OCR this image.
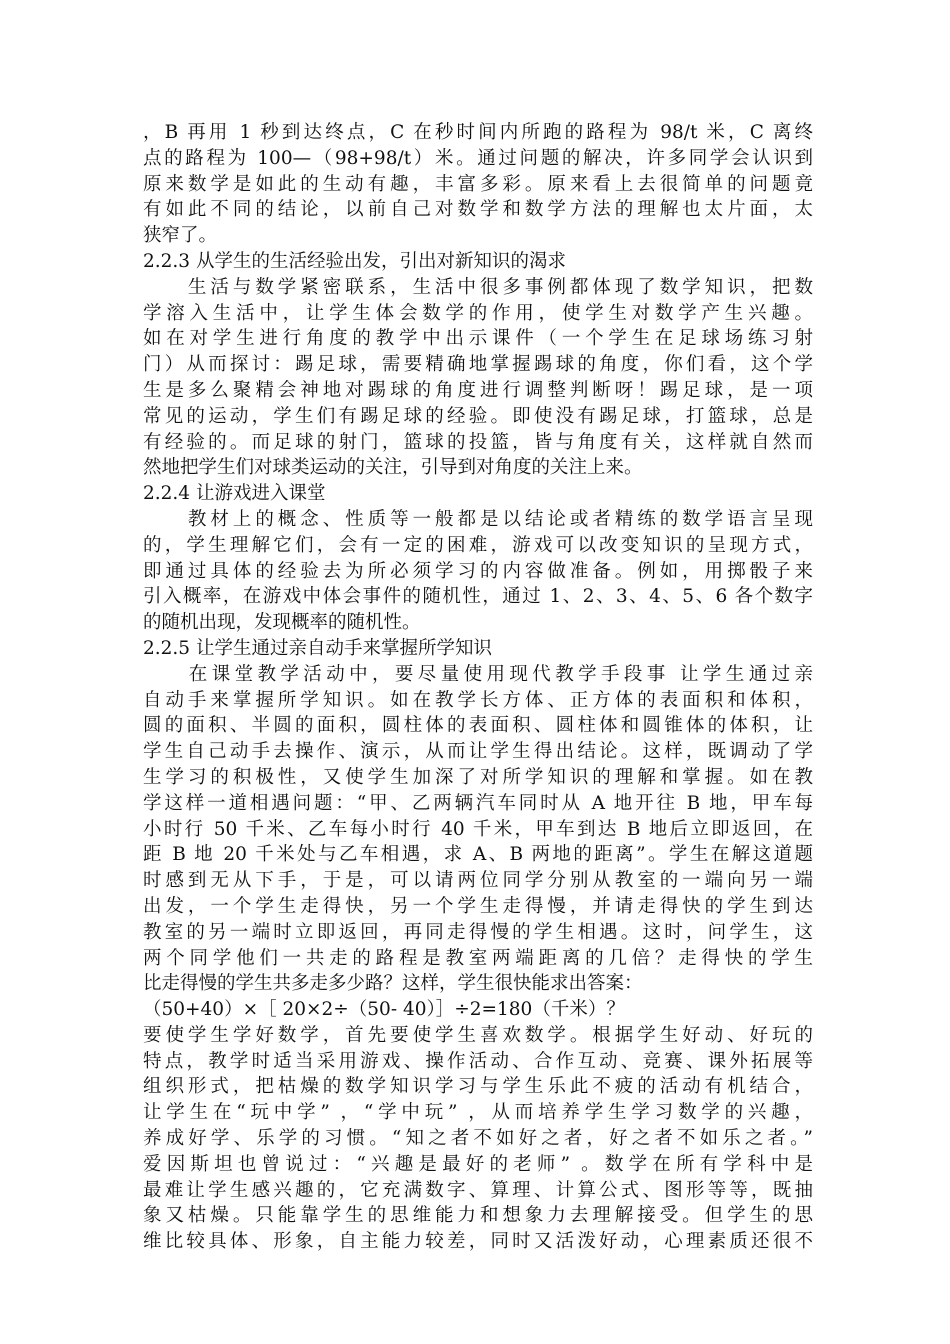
，B 再用 1 秒到达终点，C 在秒时间内所跑的路程为 98/t 米，C 离终
点的路程为 100—（98+98/t）米。通过问题的解决，许多同学会认识到
原来数学是如此的生动有趣，丰富多彩。原来看上去很简单的问题竟
有如此不同的结论，以前自己对数学和数学方法的理解也太片面，太
狭窄了。
2.2.3 从学生的生活经验出发，引出对新知识的渴求
　　生活与数学紧密联系，生活中很多事例都体现了数学知识，把数
学溶入生活中，让学生体会数学的作用，使学生对数学产生兴趣。
如在对学生进行角度的教学中出示课件（一个学生在足球场练习射
门）从而探讨：踢足球，需要精确地掌握踢球的角度，你们看，这个学
生是多么聚精会神地对踢球的角度进行调整判断呀！踢足球，是一项
常见的运动，学生们有踢足球的经验。即使没有踢足球，打篮球，总是
有经验的。而足球的射门，篮球的投篮，皆与角度有关，这样就自然而
然地把学生们对球类运动的关注，引导到对角度的关注上来。
2.2.4 让游戏进入课堂
　　教材上的概念、性质等一般都是以结论或者精练的数学语言呈现
的，学生理解它们，会有一定的困难，游戏可以改变知识的呈现方式，
即通过具体的经验去为所必须学习的内容做准备。例如，用掷骰子来
引入概率，在游戏中体会事件的随机性，通过 1、2、3、4、5、6 各个数字
的随机出现，发现概率的随机性。
2.2.5 让学生通过亲自动手来掌握所学知识
　　在课堂教学活动中，要尽量使用现代教学手段事 让学生通过亲
自动手来掌握所学知识。如在教学长方体、正方体的表面积和体积，
圆的面积、半圆的面积，圆柱体的表面积、圆柱体和圆锥体的体积，让
学生自己动手去操作、演示，从而让学生得出结论。这样，既调动了学
生学习的积极性，又使学生加深了对所学知识的理解和掌握。如在教
学这样一道相遇问题：“甲、乙两辆汽车同时从 A 地开往 B 地，甲车每
小时行 50 千米、乙车每小时行 40 千米，甲车到达 B 地后立即返回，在
距 B 地 20 千米处与乙车相遇，求 A、B 两地的距离”。学生在解这道题
时感到无从下手，于是，可以请两位同学分别从教室的一端向另一端
出发，一个学生走得快，另一个学生走得慢，并请走得快的学生到达
教室的另一端时立即返回，再同走得慢的学生相遇。这时，问学生，这
两个同学他们一共走的路程是教室两端距离的几倍？走得快的学生
比走得慢的学生共多走多少路？这样，学生很快能求出答案：
（50+40）×［ 20×2÷（50- 40）］÷2=180（千米）？
要使学生学好数学，首先要使学生喜欢数学。根据学生好动、好玩的
特点，教学时适当采用游戏、操作活动、合作互动、竞赛、课外拓展等
组织形式，把枯燥的数学知识学习与学生乐此不疲的活动有机结合，
让学生在“玩中学” ，“学中玩” ，从而培养学生学习数学的兴趣，
养成好学、乐学的习惯。“知之者不如好之者，好之者不如乐之者。”
爱因斯坦也曾说过：“兴趣是最好的老师” 。数学在所有学科中是
最难让学生感兴趣的，它充满数字、算理、计算公式、图形等等，既抽
象又枯燥。只能靠学生的思维能力和想象力去理解接受。但学生的思
维比较具体、形象，自主能力较差，同时又活泼好动，心理素质还很不
